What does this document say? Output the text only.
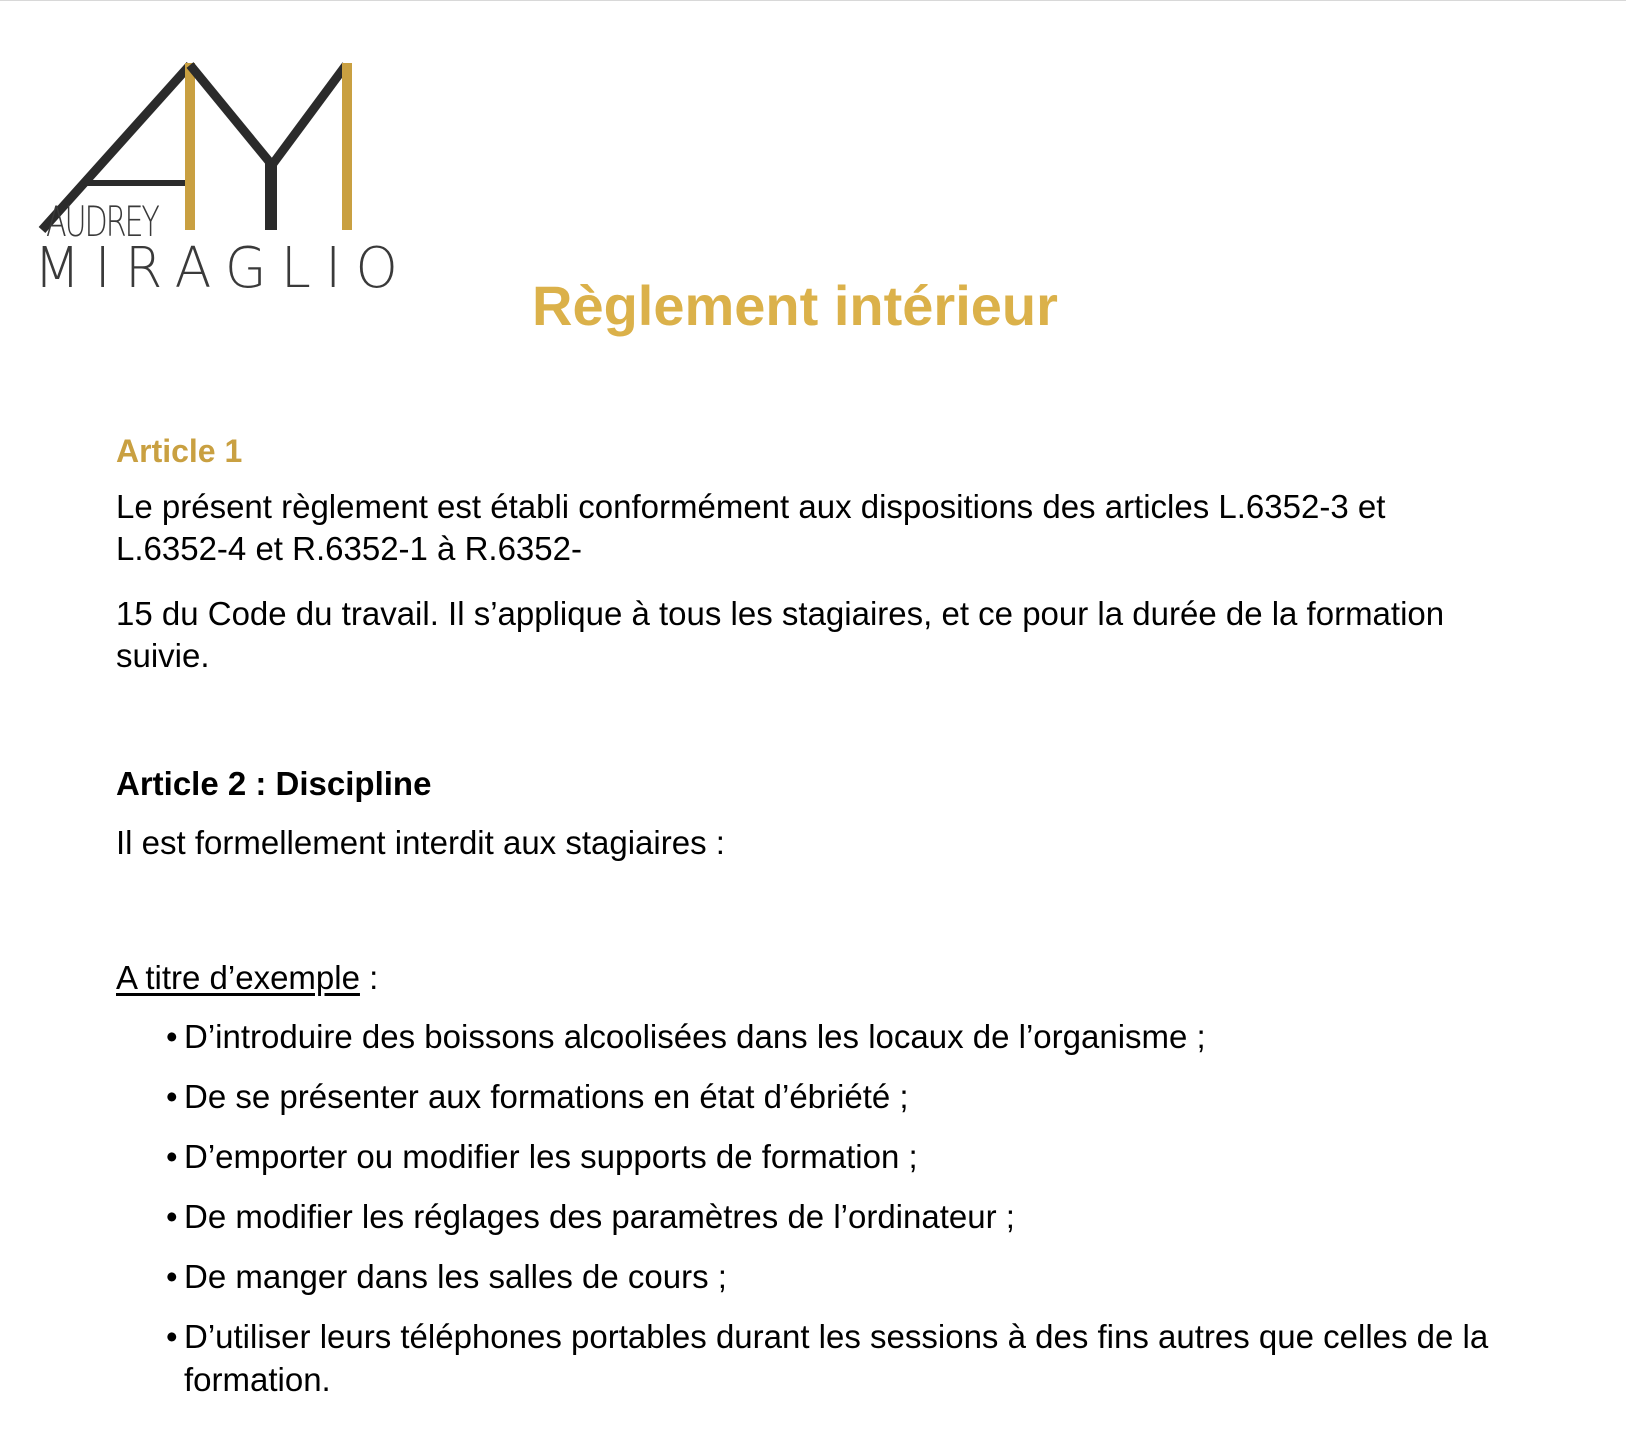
AUDREY
MIRAGLIO
Règlement intérieur
Article 1
Le présent règlement est établi conformément aux dispositions des articles L.6352-3 et L.6352-4 et R.6352-1 à R.6352-
15 du Code du travail. Il s’applique à tous les stagiaires, et ce pour la durée de la formation suivie.
Article 2 : Discipline
Il est formellement interdit aux stagiaires :
A titre d’exemple :
• D’introduire des boissons alcoolisées dans les locaux de l’organisme ;
• De se présenter aux formations en état d’ébriété ;
• D’emporter ou modifier les supports de formation ;
• De modifier les réglages des paramètres de l’ordinateur ;
• De manger dans les salles de cours ;
• D’utiliser leurs téléphones portables durant les sessions à des fins autres que celles de la formation.
